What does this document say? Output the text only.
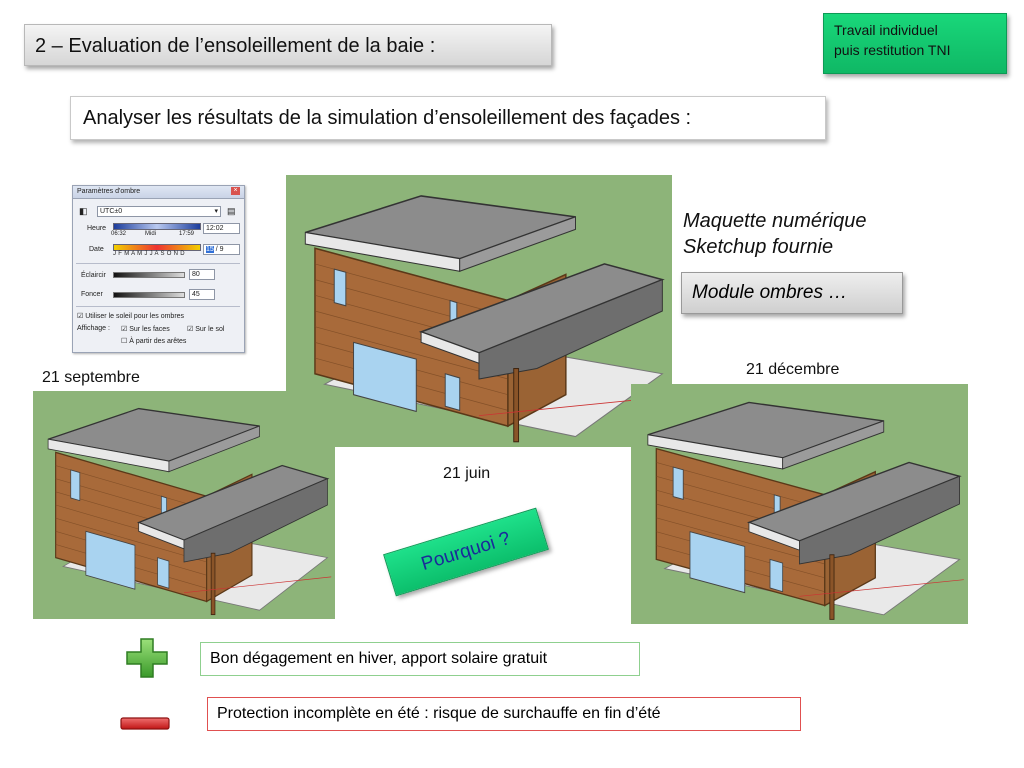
2 – Evaluation de l’ensoleillement de la baie :
Travail individuel
puis restitution TNI
Analyser les résultats de la simulation d’ensoleillement des façades :
Paramètres d'ombre	×
◧	UTC±0	▾ ▤
Heure
06:32	Midi	17:59
12:02
Date
J F M A M J J A S O N D
15 / 9
Éclaircir	80
Foncer	45
☑ Utiliser le soleil pour les ombres
Affichage : ☑ Sur les faces ☑ Sur le sol
☐ À partir des arêtes
Maquette numérique
Sketchup fournie
Module ombres …
21 septembre	21 décembre
21 juin
Pourquoi ?
Bon dégagement en hiver, apport solaire gratuit
Protection incomplète en été : risque de surchauffe en fin d’été
